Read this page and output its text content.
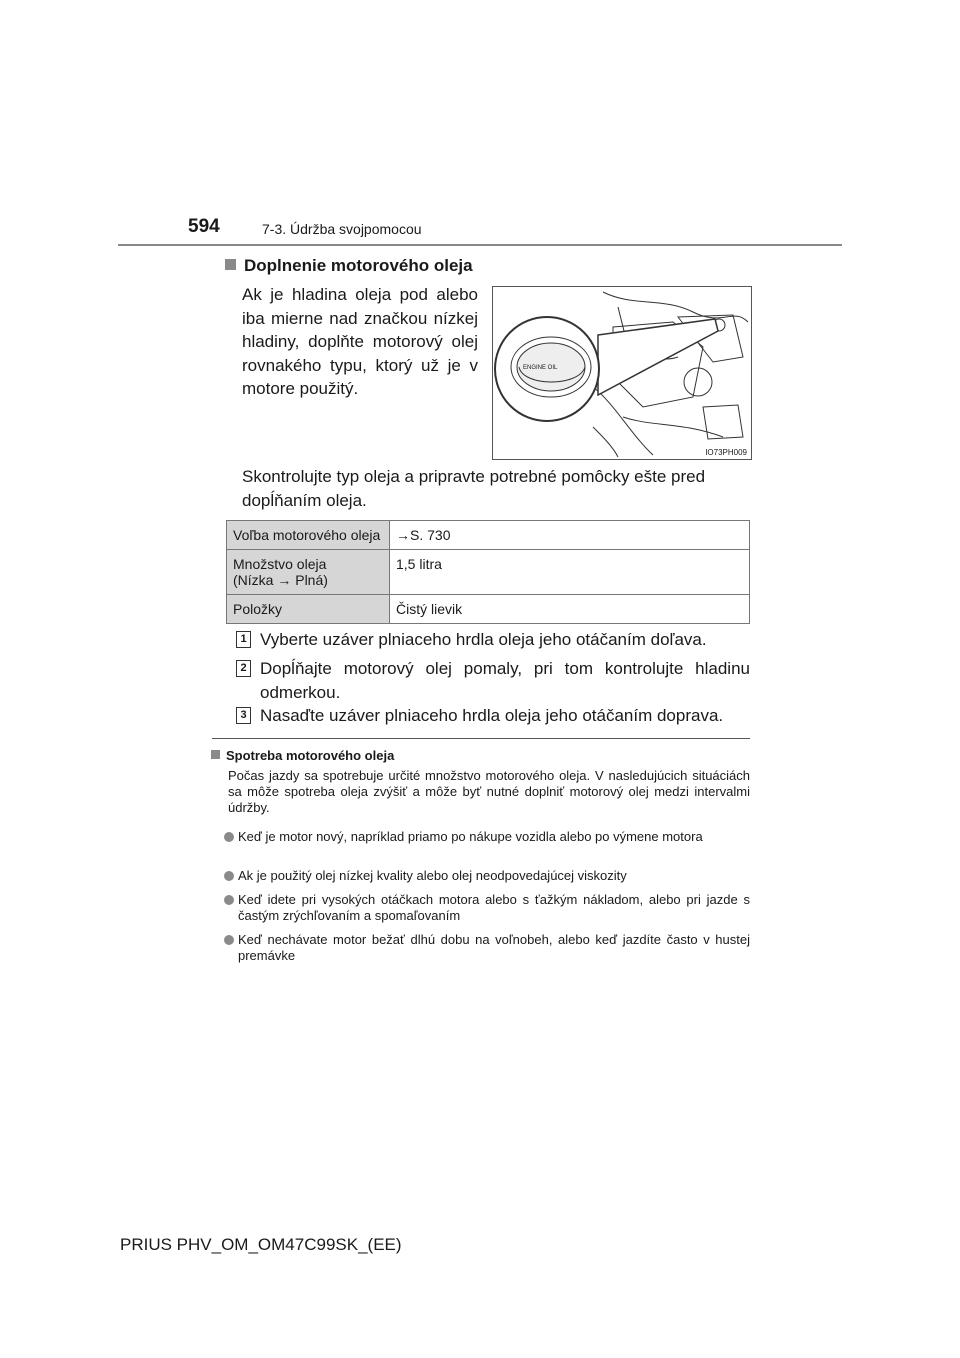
594	7-3. Údržba svojpomocou
Doplnenie motorového oleja
Ak je hladina oleja pod alebo iba mierne nad značkou nízkej hladiny, doplňte motorový olej rovnakého typu, ktorý už je v motore použitý.
ENGINE OIL
IO73PH009
Skontrolujte typ oleja a pripravte potrebné pomôcky ešte pred dopĺňaním oleja.
Voľba motorového oleja	→S. 730
Množstvo oleja
(Nízka → Plná)	1,5 litra
Položky	Čistý lievik
1 Vyberte uzáver plniaceho hrdla oleja jeho otáčaním doľava.
2 Dopĺňajte motorový olej pomaly, pri tom kontrolujte hladinu odmerkou.
3 Nasaďte uzáver plniaceho hrdla oleja jeho otáčaním doprava.
Spotreba motorového oleja
Počas jazdy sa spotrebuje určité množstvo motorového oleja. V nasledujúcich situáciách sa môže spotreba oleja zvýšiť a môže byť nutné doplniť motorový olej medzi intervalmi údržby.
Keď je motor nový, napríklad priamo po nákupe vozidla alebo po výmene motora
Ak je použitý olej nízkej kvality alebo olej neodpovedajúcej viskozity
Keď idete pri vysokých otáčkach motora alebo s ťažkým nákladom, alebo pri jazde s častým zrýchľovaním a spomaľovaním
Keď nechávate motor bežať dlhú dobu na voľnobeh, alebo keď jazdíte často v hustej premávke
PRIUS PHV_OM_OM47C99SK_(EE)
